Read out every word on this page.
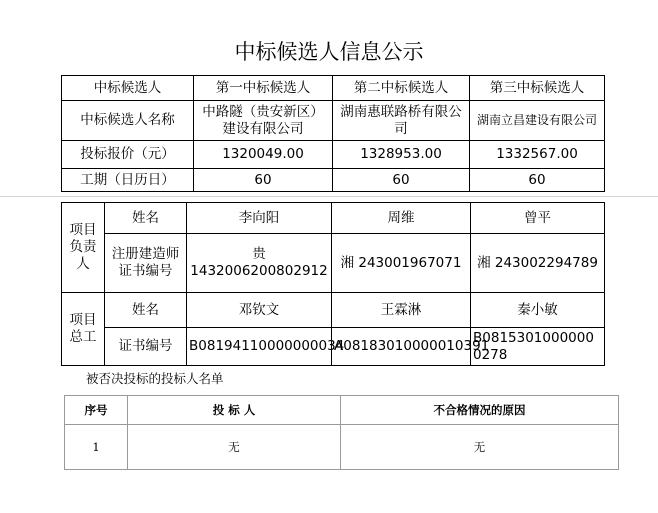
中标候选人信息公示
中标候选人	第一中标候选人	第二中标候选人	第三中标候选人
中标候选人名称	中路隧（贵安新区）建设有限公司	湖南惠联路桥有限公司	湖南立昌建设有限公司
投标报价（元）	1320049.00	1328953.00	1332567.00
工期（日历日）	60	60	60
项目负责人	姓名	李向阳	周维	曾平
	注册建造师证书编号	贵 1432006200802912	湘 243001967071	湘 243002294789
项目总工	姓名	邓钦文	王霖淋	秦小敏
	证书编号	B08194110000000034	A08183010000010391	B08153010000000278
被否决投标的投标人名单
序号	投 标 人	不合格情况的原因
1	无	无
